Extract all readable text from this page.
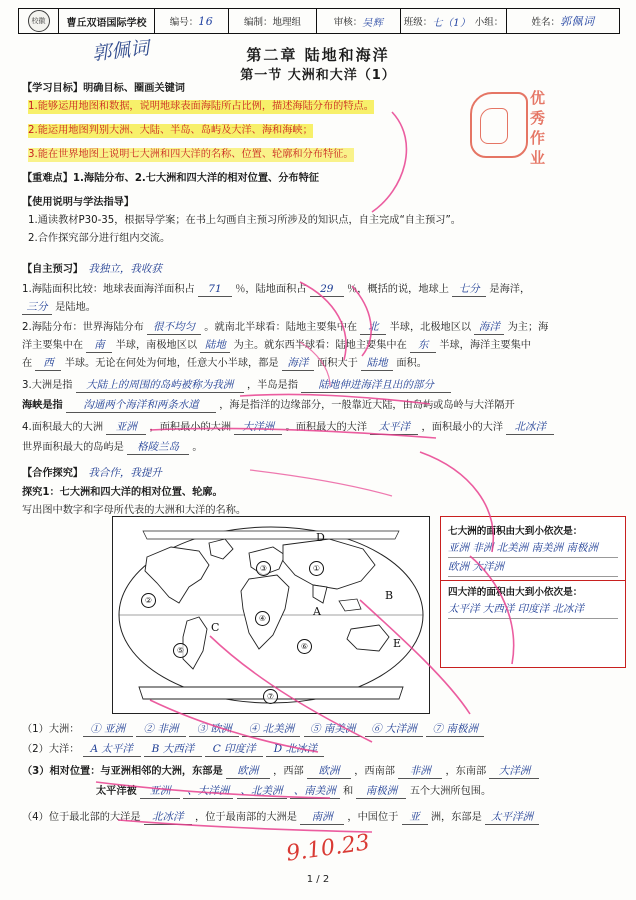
校徽	曹丘双语国际学校	编号： 16	编制： 地理组	审核： 吴辉 班级： 七（1） 小组：	姓名： 郭佩词
郭佩词	第二章 陆地和海洋
第一节 大洲和大洋（1）
优
秀
作
业
【学习目标】明确目标、圈画关键词
1.能够运用地图和数据，说明地球表面海陆所占比例，描述海陆分布的特点。
2.能运用地图判别大洲、大陆、半岛、岛屿及大洋、海和海峡；
3.能在世界地图上说明七大洲和四大洋的名称、位置、轮廓和分布特征。
【重难点】1.海陆分布、2.七大洲和四大洋的相对位置、分布特征
【使用说明与学法指导】
1.通读教材P30-35，根据导学案；在书上勾画自主预习所涉及的知识点，自主完成“自主预习”。
2.合作探究部分进行组内交流。
【自主预习】 我独立，我收获
1.海陆面积比较：地球表面海洋面积占 71 ％，陆地面积占 29 ％，概括的说，地球上 七分 是海洋，
三分 是陆地。
2.海陆分布：世界海陆分布 很不均匀 。就南北半球看：陆地主要集中在 北 半球，北极地区以 海洋 为主；海
洋主要集中在 南 半球，南极地区以 陆地 为主。就东西半球看：陆地主要集中在 东 半球，海洋主要集中
在 西 半球。无论在何处为何地，任意大小半球，都是 海洋 面积大于 陆地 面积。
3.大洲是指 大陆上的周围的岛屿被称为我洲 ，半岛是指 陆地伸进海洋且出的部分
海峡是指 沟通两个海洋和两条水道 ，海是指洋的边缘部分，一般靠近大陆，由岛屿或岛岭与大洋隔开
4.面积最大的大洲 亚洲 ，面积最小的大洲 大洋洲 。面积最大的大洋 太平洋 ，面积最小的大洋 北冰洋
世界面积最大的岛屿是 格陵兰岛 。
【合作探究】 我合作，我提升
探究1：七大洲和四大洋的相对位置、轮廓。
写出图中数字和字母所代表的大洲和大洋的名称。
D
A
B
C
E
②
⑤
③	①
④
⑥
⑦
七大洲的面积由大到小依次是：
亚洲 非洲 北美洲 南美洲 南极洲
欧洲 大洋洲
四大洋的面积由大到小依次是：
太平洋 大西洋 印度洋 北冰洋
（1）大洲： ① 亚洲 ② 非洲 ③ 欧洲 ④ 北美洲 ⑤ 南美洲 ⑥ 大洋洲 ⑦ 南极洲
（2）大洋： A 太平洋 B 大西洋 C 印度洋 D 北冰洋
（3）相对位置：与亚洲相邻的大洲，东部是 欧洲 ，西部 欧洲 ，西南部 非洲 ，东南部 大洋洲
太平洋被 亚洲 、大洋洲 、北美洲 、南美洲 和 南极洲 五个大洲所包围。
（4）位于最北部的大洋是 北冰洋 ，位于最南部的大洲是 南洲 ，中国位于 亚 洲，东部是 太平洋洲
9.10.23
1 / 2
